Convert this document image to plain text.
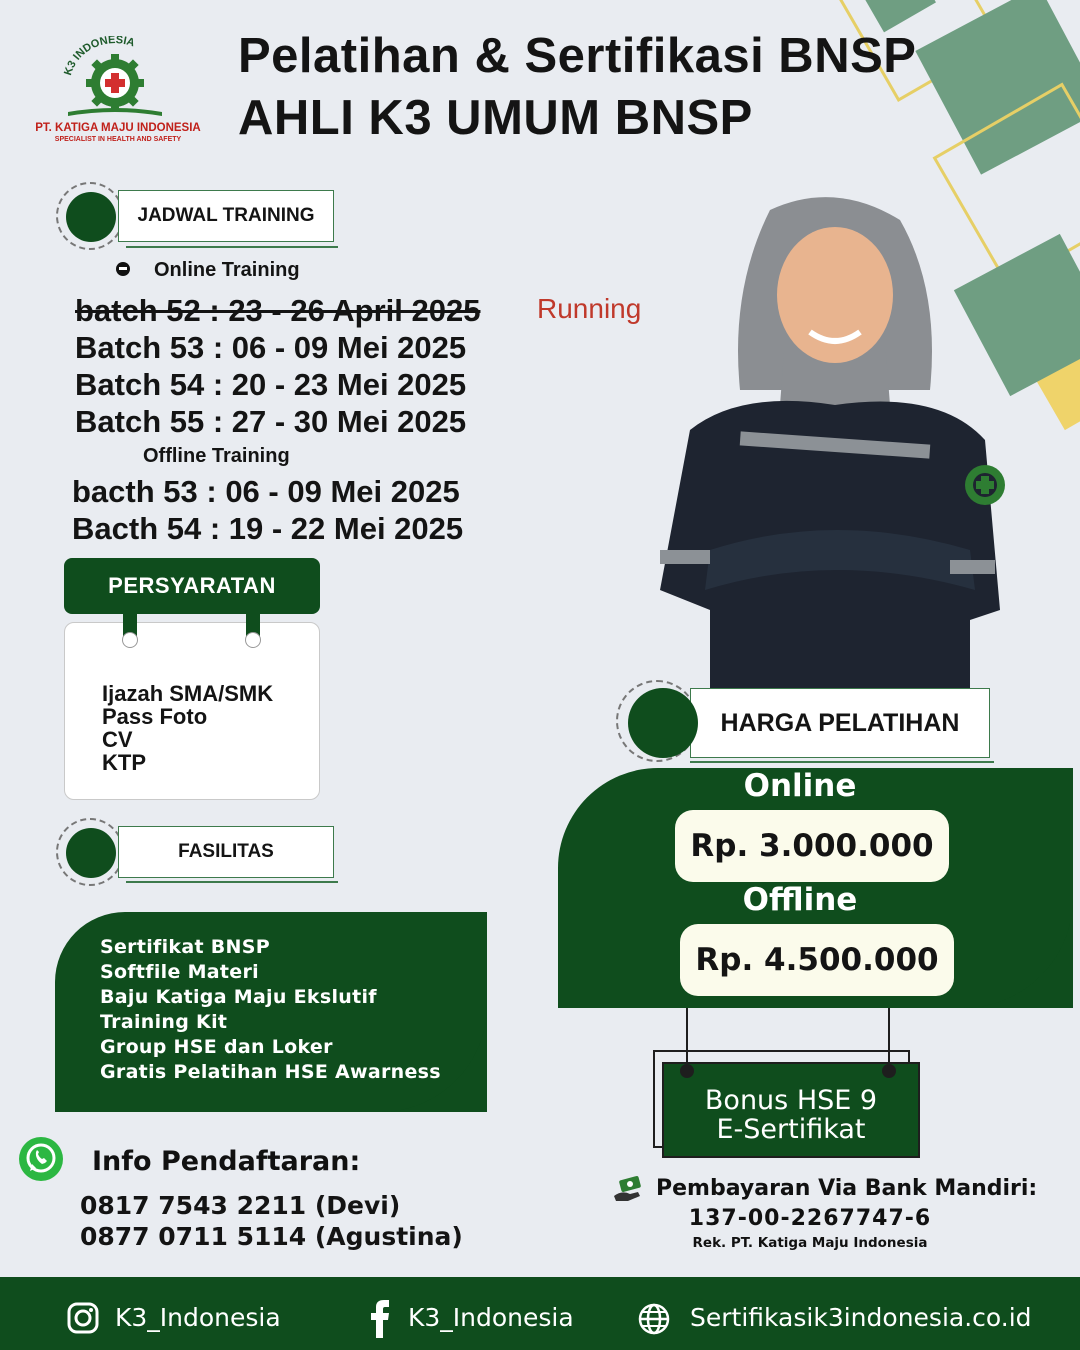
K3 INDONESIA
PT. KATIGA MAJU INDONESIA
SPECIALIST IN HEALTH AND SAFETY
Pelatihan & Sertifikasi BNSP
AHLI K3 UMUM BNSP
JADWAL TRAINING
Online Training
batch 52 : 23 - 26 April 2025 Running
Batch 53 : 06 - 09 Mei 2025
Batch 54 : 20 - 23 Mei 2025
Batch 55 : 27 - 30 Mei 2025
Offline Training
bacth 53 : 06 - 09 Mei 2025
Bacth 54 : 19 - 22 Mei 2025
PERSYARATAN
Ijazah SMA/SMK
Pass Foto
CV
KTP
FASILITAS
Sertifikat BNSP
Softfile Materi
Baju Katiga Maju Ekslutif
Training Kit
Group HSE dan Loker
Gratis Pelatihan HSE Awarness
Info Pendaftaran:
0817 7543 2211 (Devi)
0877 0711 5114 (Agustina)
HARGA PELATIHAN
Online
Rp. 3.000.000
Offline
Rp. 4.500.000
Bonus HSE 9
E-Sertifikat
Pembayaran Via Bank Mandiri:
137-00-2267747-6
Rek. PT. Katiga Maju Indonesia
K3_Indonesia	K3_Indonesia	Sertifikasik3indonesia.co.id
